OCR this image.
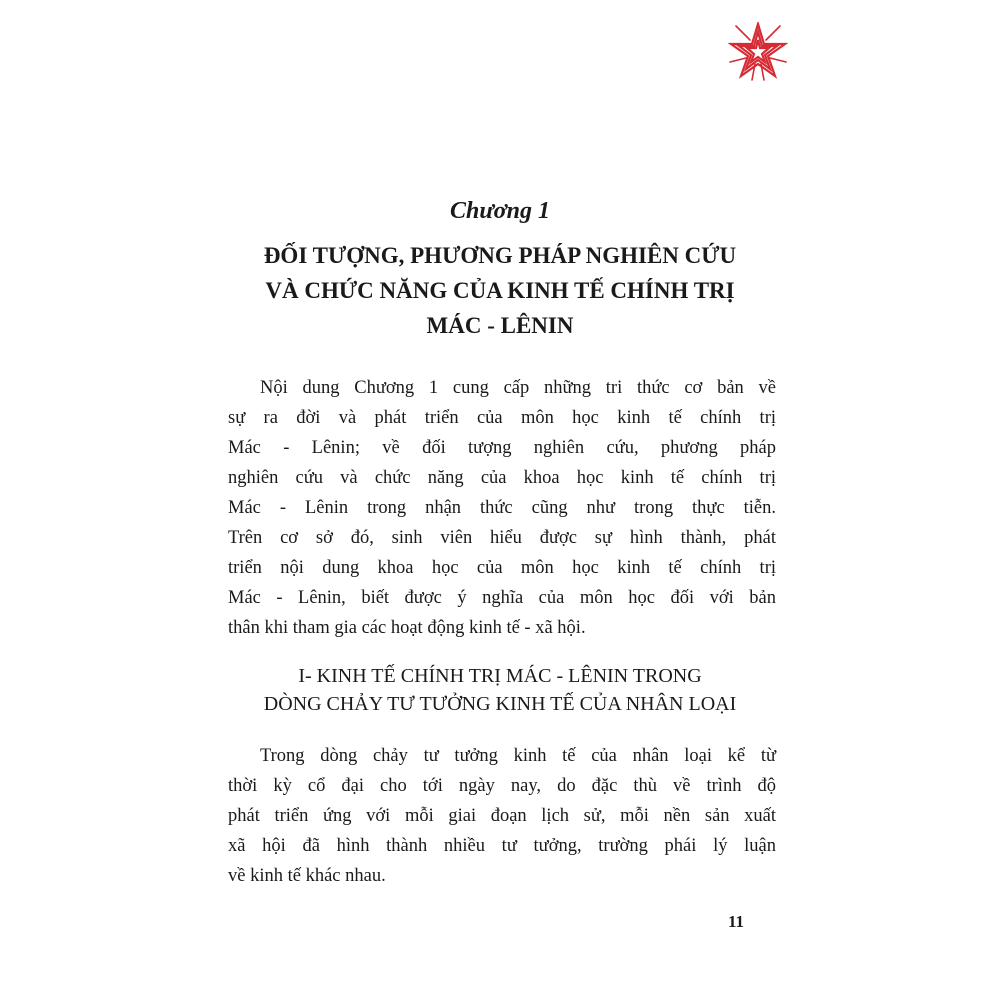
Chương 1
ĐỐI TƯỢNG, PHƯƠNG PHÁP NGHIÊN CỨU
VÀ CHỨC NĂNG CỦA KINH TẾ CHÍNH TRỊ
MÁC - LÊNIN

Nội dung Chương 1 cung cấp những tri thức cơ bản về
sự ra đời và phát triển của môn học kinh tế chính trị
Mác - Lênin; về đối tượng nghiên cứu, phương pháp
nghiên cứu và chức năng của khoa học kinh tế chính trị
Mác - Lênin trong nhận thức cũng như trong thực tiễn.
Trên cơ sở đó, sinh viên hiểu được sự hình thành, phát
triển nội dung khoa học của môn học kinh tế chính trị
Mác - Lênin, biết được ý nghĩa của môn học đối với bản
thân khi tham gia các hoạt động kinh tế - xã hội.

I- KINH TẾ CHÍNH TRỊ MÁC - LÊNIN TRONG
DÒNG CHẢY TƯ TƯỞNG KINH TẾ CỦA NHÂN LOẠI

Trong dòng chảy tư tưởng kinh tế của nhân loại kể từ
thời kỳ cổ đại cho tới ngày nay, do đặc thù về trình độ
phát triển ứng với mỗi giai đoạn lịch sử, mỗi nền sản xuất
xã hội đã hình thành nhiều tư tưởng, trường phái lý luận
về kinh tế khác nhau.

11
